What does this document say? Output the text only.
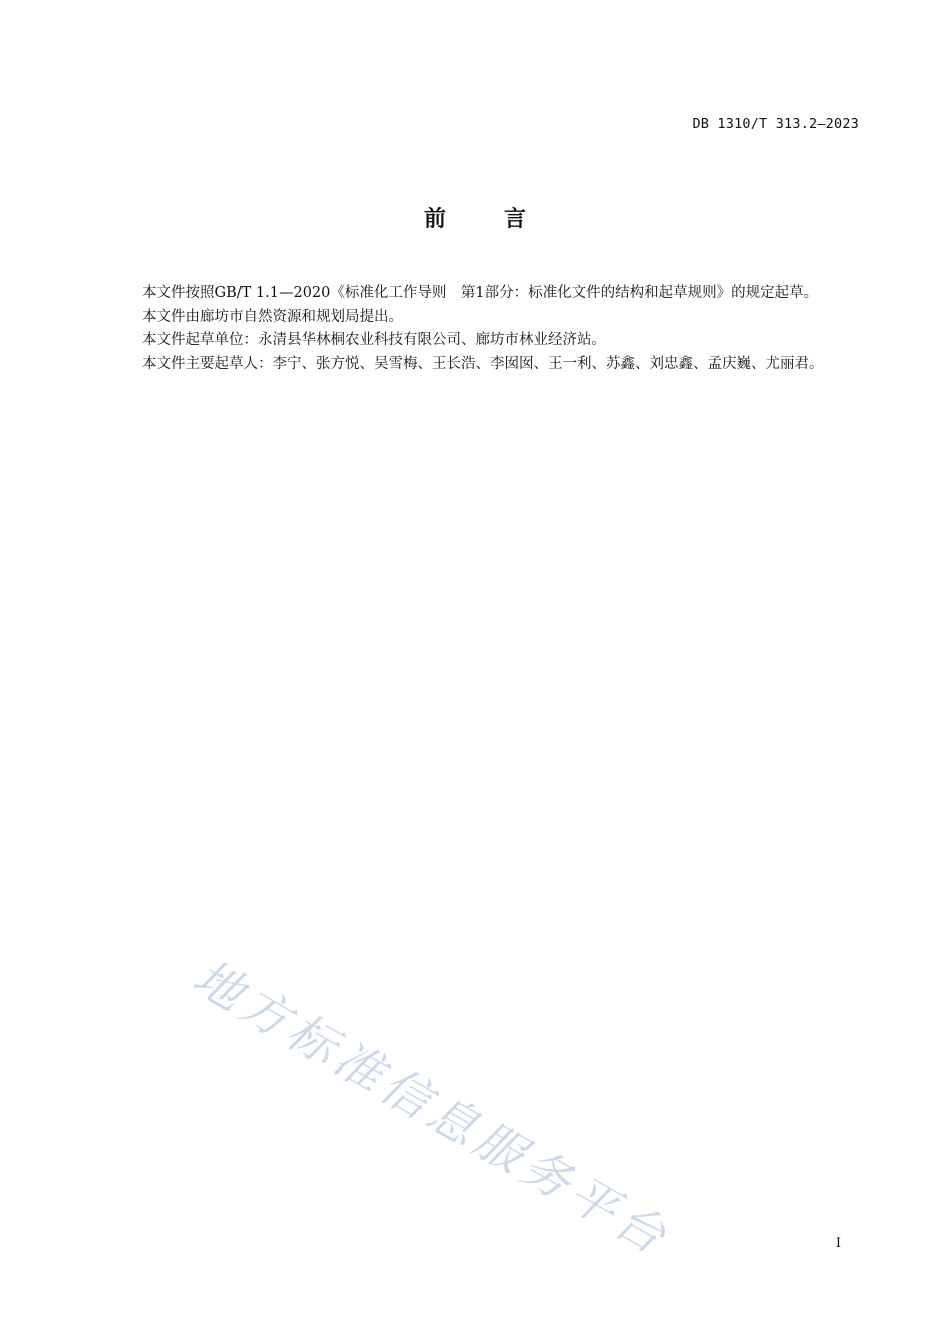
DB 1310/T 313.2—2023
前言

本文件按照GB/T 1.1—2020《标准化工作导则　第1部分：标准化文件的结构和起草规则》的规定起草。

本文件由廊坊市自然资源和规划局提出。

本文件起草单位：永清县华林桐农业科技有限公司、廊坊市林业经济站。

本文件主要起草人：李宁、张方悦、吴雪梅、王长浩、李囡囡、王一利、苏鑫、刘忠鑫、孟庆巍、尤丽君。

地方标准信息服务平台	I
